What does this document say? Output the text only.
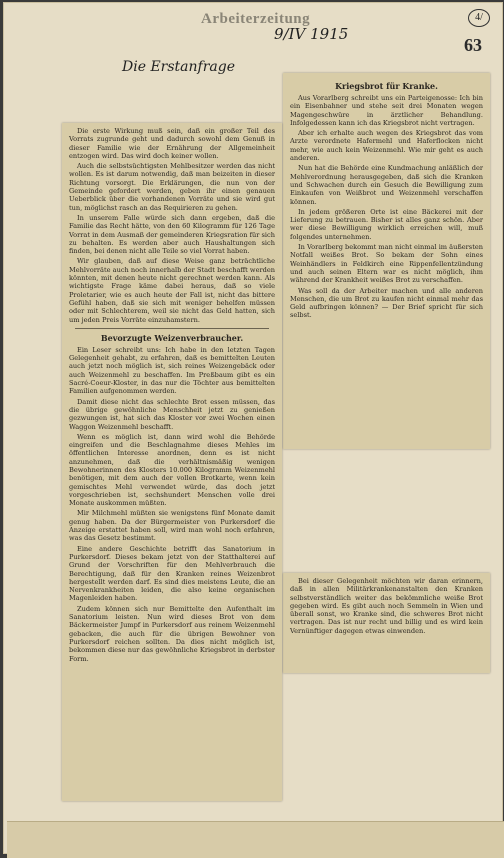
Arbeiterzeitung	4/
63
9/IV 1915
Die Erstanfrage
Kriegsbrot für Kranke.

Aus Vorarlberg schreibt uns ein Parteigenosse: Ich bin ein Eisenbahner und stehe seit drei Monaten wegen Magengeschwüre in ärztlicher Behandlung. Infolgedessen kann ich das Kriegsbrot nicht vertragen.

Aber ich erhalte auch wegen des Kriegsbrot das vom Arzte verordnete Hafermehl und Haferflocken nicht mehr, wie auch kein Weizenmehl. Wie mir geht es auch anderen.

Nun hat die Behörde eine Kundmachung anläßlich der Mehlverordnung herausgegeben, daß sich die Kranken und Schwachen durch ein Gesuch die Bewilligung zum Einkaufen von Weißbrot und Weizenmehl verschaffen können.

In jedem größeren Orte ist eine Bäckerei mit der Lieferung zu betrauen. Bisher ist alles ganz schön. Aber wer diese Bewilligung wirklich erreichen will, muß folgendes unternehmen.

In Vorarlberg bekommt man nicht einmal im äußersten Notfall weißes Brot. So bekam der Sohn eines Weinhändlers in Feldkirch eine Rippenfellentzündung und auch seinen Eltern war es nicht möglich, ihm während der Krankheit weißes Brot zu verschaffen.

Was soll da der Arbeiter machen und alle anderen Menschen, die um Brot zu kaufen nicht einmal mehr das Geld aufbringen können? — Der Brief spricht für sich selbst.

Bei dieser Gelegenheit möchten wir daran erinnern, daß in allen Militärkrankenanstalten den Kranken selbstverständlich weiter das bekömmliche weiße Brot gegeben wird. Es gibt auch noch Semmeln in Wien und überall sonst, wo Kranke sind, die schweres Brot nicht vertragen. Das ist nur recht und billig und es wird kein Vernünftiger dagegen etwas einwenden.

Die erste Wirkung muß sein, daß ein großer Teil des Vorrats zugrunde geht und dadurch sowohl dem Genuß in dieser Familie wie der Ernährung der Allgemeinheit entzogen wird. Das wird doch keiner wollen.

Auch die selbstsüchtigsten Mehlbesitzer werden das nicht wollen. Es ist darum notwendig, daß man beizeiten in dieser Richtung vorsorgt. Die Erklärungen, die nun von der Gemeinde gefordert werden, geben ihr einen genauen Ueberblick über die vorhandenen Vorräte und sie wird gut tun, möglichst rasch an das Requirieren zu gehen.

In unserem Falle würde sich dann ergeben, daß die Familie das Recht hätte, von den 60 Kilogramm für 126 Tage Vorrat in dem Ausmaß der gemeinderen Kriegsration für sich zu behalten. Es werden aber auch Haushaltungen sich finden, bei denen nicht alle Teile so viel Vorrat haben.

Wir glauben, daß auf diese Weise ganz beträchtliche Mehlvorräte auch noch innerhalb der Stadt beschafft werden könnten, mit denen heute nicht gerechnet werden kann. Als wichtigste Frage käme dabei heraus, daß so viele Proletarier, wie es auch heute der Fall ist, nicht das bittere Gefühl haben, daß sie sich mit weniger behelfen müssen oder mit Schlechterem, weil sie nicht das Geld hatten, sich um jeden Preis Vorräte einzuhamstern.

Bevorzugte Weizenverbraucher.

Ein Leser schreibt uns: Ich habe in den letzten Tagen Gelegenheit gehabt, zu erfahren, daß es bemittelten Leuten auch jetzt noch möglich ist, sich reines Weizengebäck oder auch Weizenmehl zu beschaffen. Im Preßbaum gibt es ein Sacré-Coeur-Kloster, in das nur die Töchter aus bemittelten Familien aufgenommen werden.

Damit diese nicht das schlechte Brot essen müssen, das die übrige gewöhnliche Menschheit jetzt zu genießen gezwungen ist, hat sich das Kloster vor zwei Wochen einen Waggon Weizenmehl beschafft.

Wenn es möglich ist, dann wird wohl die Behörde eingreifen und die Beschlagnahme dieses Mehles im öffentlichen Interesse anordnen, denn es ist nicht anzunehmen, daß die verhältnismäßig wenigen Bewohnerinnen des Klosters 10.000 Kilogramm Weizenmehl benötigen, mit dem auch der vollen Brotkarte, wenn kein gemischtes Mehl verwendet würde, das doch jetzt vorgeschrieben ist, sechshundert Menschen volle drei Monate auskommen müßten.

Mir Milchmehl müßten sie wenigstens fünf Monate damit genug haben. Da der Bürgermeister von Purkersdorf die Anzeige erstattet haben soll, wird man wohl noch erfahren, was das Gesetz bestimmt.

Eine andere Geschichte betrifft das Sanatorium in Purkersdorf. Dieses bekam jetzt von der Statthalterei auf Grund der Vorschriften für den Mehlverbrauch die Berechtigung, daß für den Kranken reines Weizenbrot hergestellt werden darf. Es sind dies meistens Leute, die an Nervenkrankheiten leiden, die also keine organischen Magenleiden haben.

Zudem können sich nur Bemittelte den Aufenthalt im Sanatorium leisten. Nun wird dieses Brot von dem Bäckermeister Jumpf in Purkersdorf aus reinem Weizenmehl gebacken, die auch für die übrigen Bewohner von Purkersdorf reichen sollten. Da dies nicht möglich ist, bekommen diese nur das gewöhnliche Kriegsbrot in derbster Form.
